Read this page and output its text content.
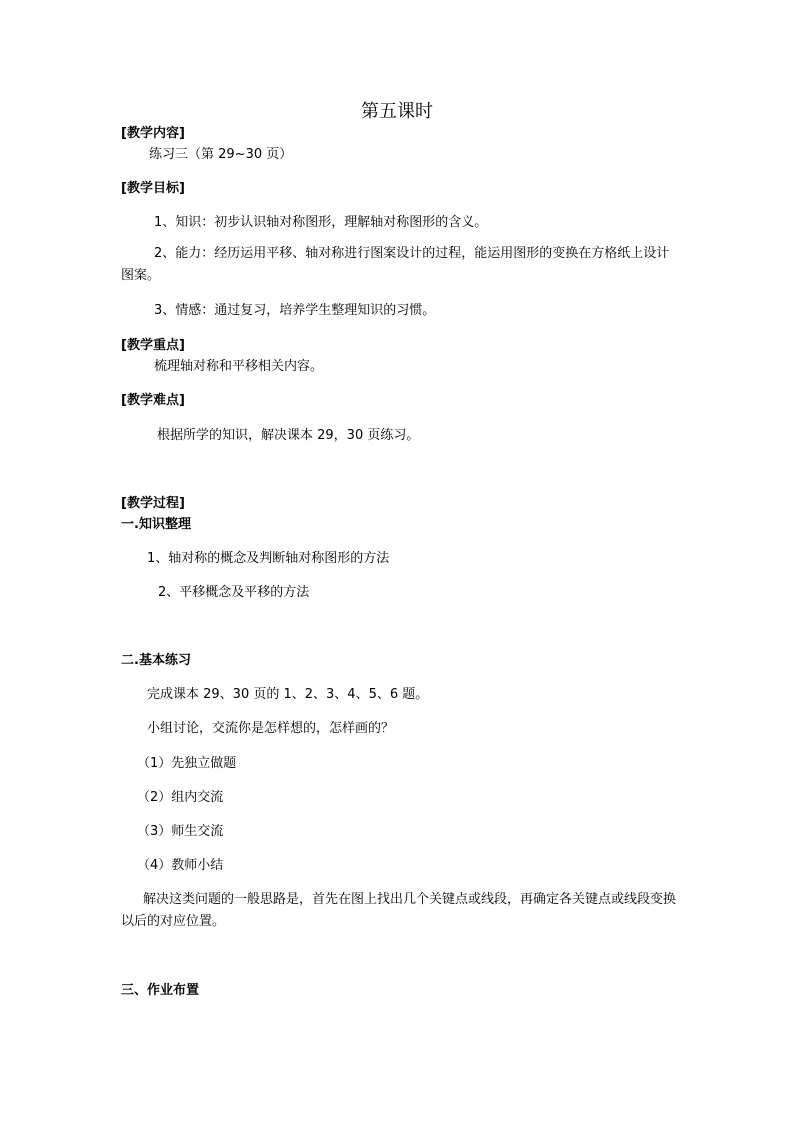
第五课时
[教学内容]
练习三（第 29~30 页）
[教学目标]
1、知识：初步认识轴对称图形，理解轴对称图形的含义。
2、能力：经历运用平移、轴对称进行图案设计的过程，能运用图形的变换在方格纸上设计图案。
3、情感：通过复习，培养学生整理知识的习惯。
[教学重点]
梳理轴对称和平移相关内容。
[教学难点]
根据所学的知识，解决课本 29，30 页练习。
[教学过程]
一.知识整理
1、轴对称的概念及判断轴对称图形的方法
2、平移概念及平移的方法
二.基本练习
完成课本 29、30 页的 1、2、3、4、5、6 题。
小组讨论，交流你是怎样想的，怎样画的？
（1）先独立做题
（2）组内交流
（3）师生交流
（4）教师小结
解决这类问题的一般思路是，首先在图上找出几个关键点或线段，再确定各关键点或线段变换以后的对应位置。
三、作业布置
